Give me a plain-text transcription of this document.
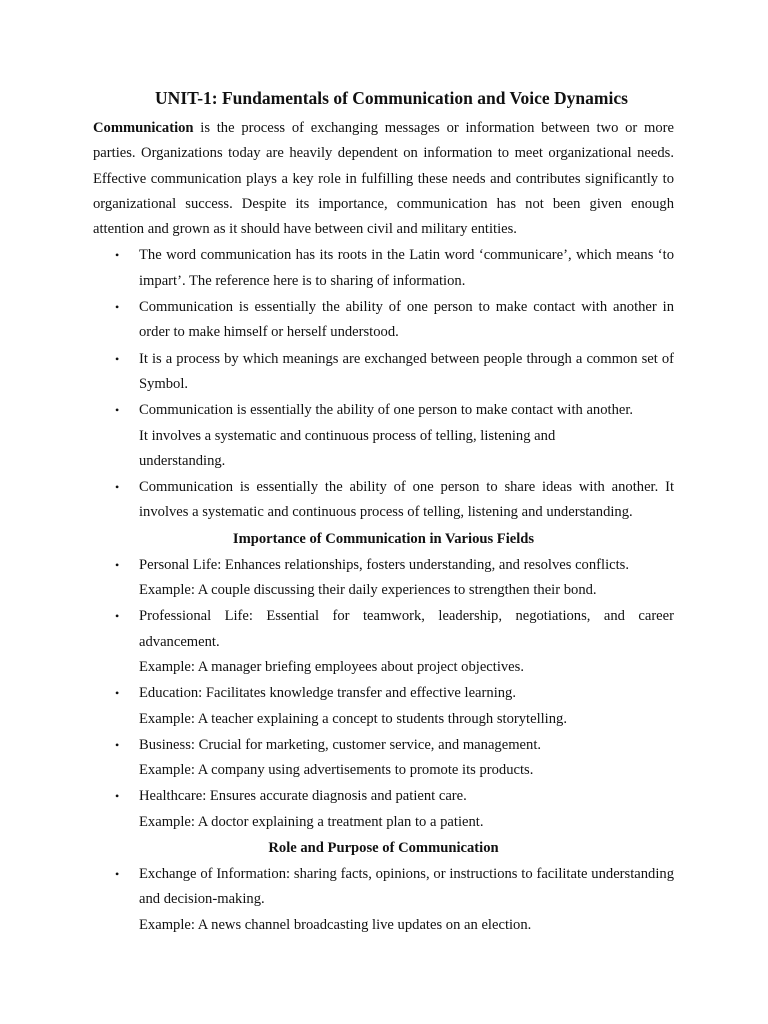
UNIT-1: Fundamentals of Communication and Voice Dynamics

Communication is the process of exchanging messages or information between two or more parties. Organizations today are heavily dependent on information to meet organizational needs. Effective communication plays a key role in fulfilling these needs and contributes significantly to organizational success. Despite its importance, communication has not been given enough attention and grown as it should have between civil and military entities.

• The word communication has its roots in the Latin word ‘communicare’, which means ‘to impart’. The reference here is to sharing of information.
• Communication is essentially the ability of one person to make contact with another in order to make himself or herself understood.
• It is a process by which meanings are exchanged between people through a common set of Symbol.
• Communication is essentially the ability of one person to make contact with another.
It involves a systematic and continuous process of telling, listening and understanding.
• Communication is essentially the ability of one person to share ideas with another. It involves a systematic and continuous process of telling, listening and understanding.
Importance of Communication in Various Fields
• Personal Life: Enhances relationships, fosters understanding, and resolves conflicts.
Example: A couple discussing their daily experiences to strengthen their bond.
• Professional Life: Essential for teamwork, leadership, negotiations, and career advancement.
Example: A manager briefing employees about project objectives.
• Education: Facilitates knowledge transfer and effective learning.
Example: A teacher explaining a concept to students through storytelling.
• Business: Crucial for marketing, customer service, and management.
Example: A company using advertisements to promote its products.
• Healthcare: Ensures accurate diagnosis and patient care.
Example: A doctor explaining a treatment plan to a patient.
Role and Purpose of Communication
• Exchange of Information: sharing facts, opinions, or instructions to facilitate understanding and decision-making.
Example: A news channel broadcasting live updates on an election.
